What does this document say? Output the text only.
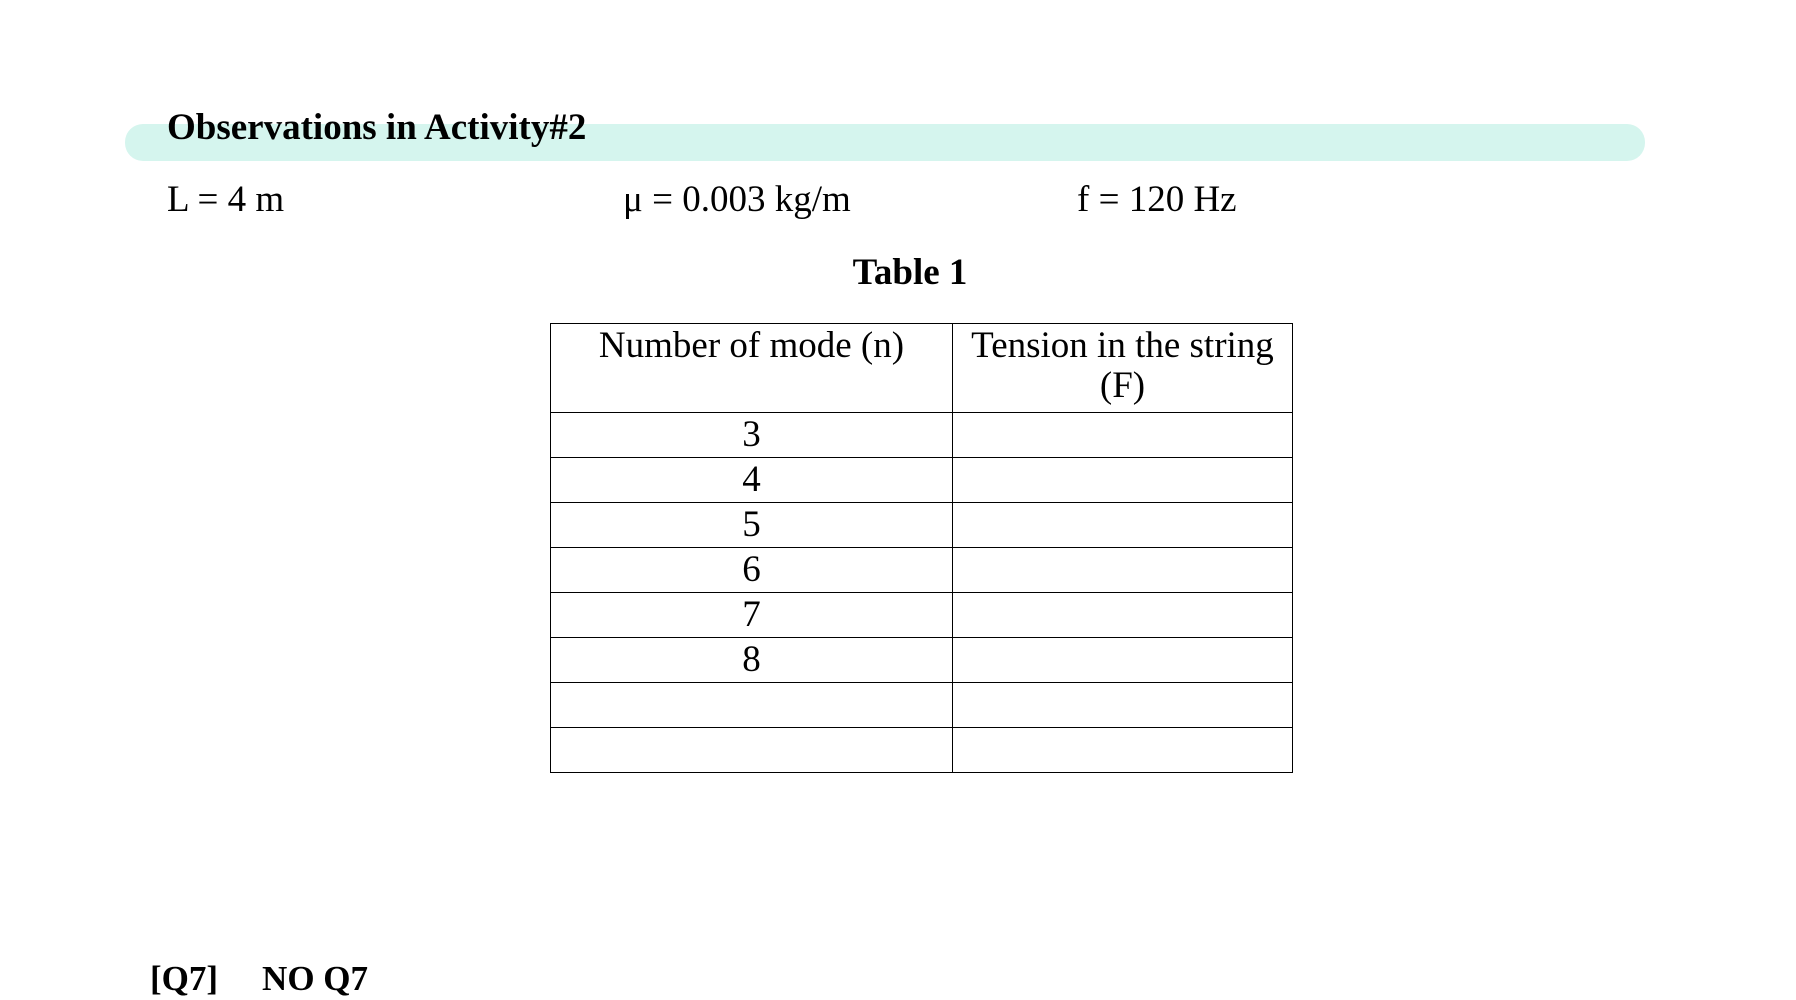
Observations in Activity#2
L = 4 m	μ = 0.003 kg/m	f = 120 Hz
Table 1
Number of mode (n)	Tension in the string (F)

3	
4	
5	
6	
7	
8	

[Q7] NO Q7
